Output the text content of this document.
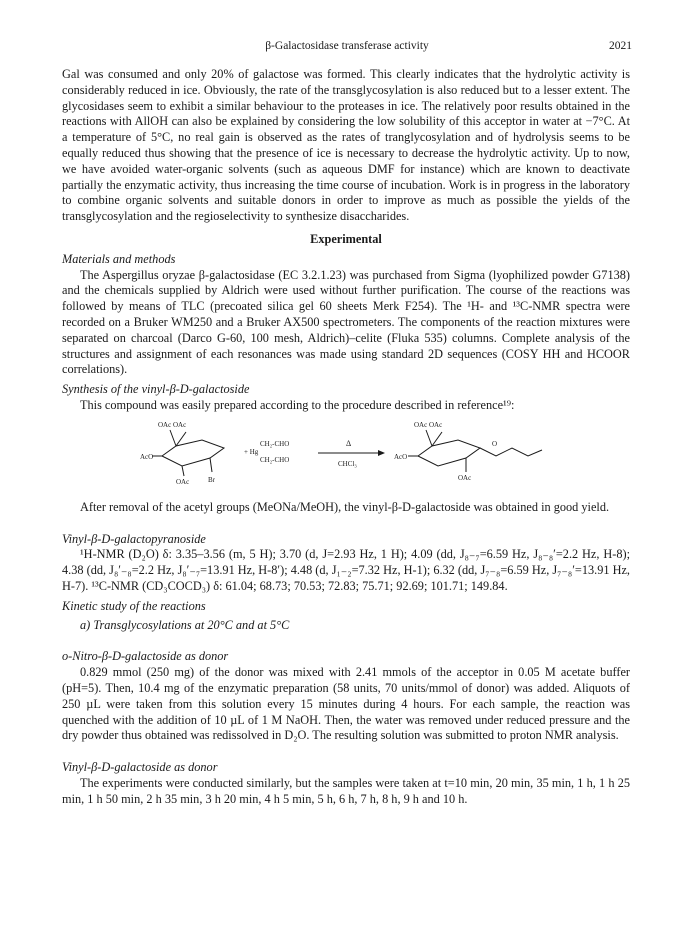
β-Galactosidase transferase activity	2021

Gal was consumed and only 20% of galactose was formed. This clearly indicates that the hydrolytic activity is considerably reduced in ice. Obviously, the rate of the transglycosylation is also reduced but to a lesser extent. The glycosidases seem to exhibit a similar behaviour to the proteases in ice. The relatively poor results obtained in the reactions with AllOH can also be explained by considering the low solubility of this acceptor in water at −7°C. At a temperature of 5°C, no real gain is observed as the rates of tranglycosylation and of hydrolysis seems to be equally reduced thus showing that the presence of ice is necessary to decrease the hydrolytic activity. Up to now, we have avoided water-organic solvents (such as aqueous DMF for instance) which are known to deactivate partially the enzymatic activity, thus increasing the time course of incubation. Work is in progress in the laboratory to combine organic solvents and suitable donors in order to improve as much as possible the yields of the transglycosylation and the regioselectivity to synthesize disaccharides.

Experimental

Materials and methods

The Aspergillus oryzae β-galactosidase (EC 3.2.1.23) was purchased from Sigma (lyophilized powder G7138) and the chemicals supplied by Aldrich were used without further purification. The course of the reactions was followed by means of TLC (precoated silica gel 60 sheets Merk F254). The ¹H- and ¹³C-NMR spectra were recorded on a Bruker WM250 and a Bruker AX500 spectrometers. The components of the reaction mixtures were separated on charcoal (Darco G-60, 100 mesh, Aldrich)–celite (Fluka 535) columns. Complete analysis of the structures and assignment of each resonances was made using standard 2D sequences (COSY HH and HCOOR correlations).

Synthesis of the vinyl-β-D-galactoside

This compound was easily prepared according to the procedure described in reference¹⁹:

OAc OAc
AcO
OAc	Br
+ Hg
CH₂-CHO
CH₂-CHO
Δ
CHCl₃
OAc OAc
AcO
OAc
O

After removal of the acetyl groups (MeONa/MeOH), the vinyl-β-D-galactoside was obtained in good yield.

Vinyl-β-D-galactopyranoside

¹H-NMR (D₂O) δ: 3.35–3.56 (m, 5 H); 3.70 (d, J=2.93 Hz, 1 H); 4.09 (dd, J₈₋₇=6.59 Hz, J₈₋₈′=2.2 Hz, H-8); 4.38 (dd, J₈′₋₈=2.2 Hz, J₈′₋₇=13.91 Hz, H-8′); 4.48 (d, J₁₋₂=7.32 Hz, H-1); 6.32 (dd, J₇₋₈=6.59 Hz, J₇₋₈′=13.91 Hz, H-7). ¹³C-NMR (CD₃COCD₃) δ: 61.04; 68.73; 70.53; 72.83; 75.71; 92.69; 101.71; 149.84.

Kinetic study of the reactions

a) Transglycosylations at 20°C and at 5°C

o-Nitro-β-D-galactoside as donor

0.829 mmol (250 mg) of the donor was mixed with 2.41 mmols of the acceptor in 0.05 M acetate buffer (pH=5). Then, 10.4 mg of the enzymatic preparation (58 units, 70 units/mmol of donor) was added. Aliquots of 250 µL were taken from this solution every 15 minutes during 4 hours. For each sample, the reaction was quenched with the addition of 10 µL of 1 M NaOH. Then, the water was removed under reduced pressure and the dry powder thus obtained was redissolved in D₂O. The resulting solution was submitted to proton NMR analysis.

Vinyl-β-D-galactoside as donor

The experiments were conducted similarly, but the samples were taken at t=10 min, 20 min, 35 min, 1 h, 1 h 25 min, 1 h 50 min, 2 h 35 min, 3 h 20 min, 4 h 5 min, 5 h, 6 h, 7 h, 8 h, 9 h and 10 h.
